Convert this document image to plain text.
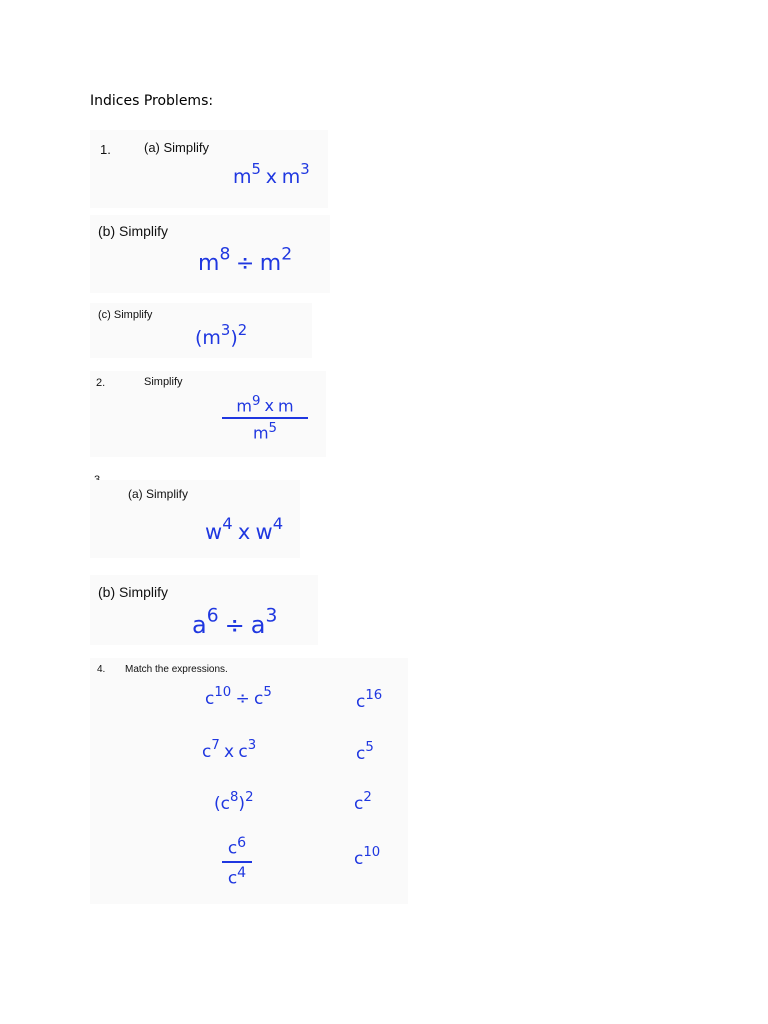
Indices Problems:
1.	(a) Simplify
$m^5$ x $m^3$
(b) Simplify
$m^8 \div m^2$
(c) Simplify
$(m^3)^2$
2.	Simplify
$m^9$ x m
$m^5$
(a) Simplify
$w^4$ x $w^4$
(b) Simplify
$a^6 \div a^3$
4. Match the expressions.
$c^{10} \div c^5$
$c^7$ x $c^3$
$(c^8)^2$
$c^6$
$c^4$
$c^{16}$
$c^5$
$c^2$
$c^{10}$
